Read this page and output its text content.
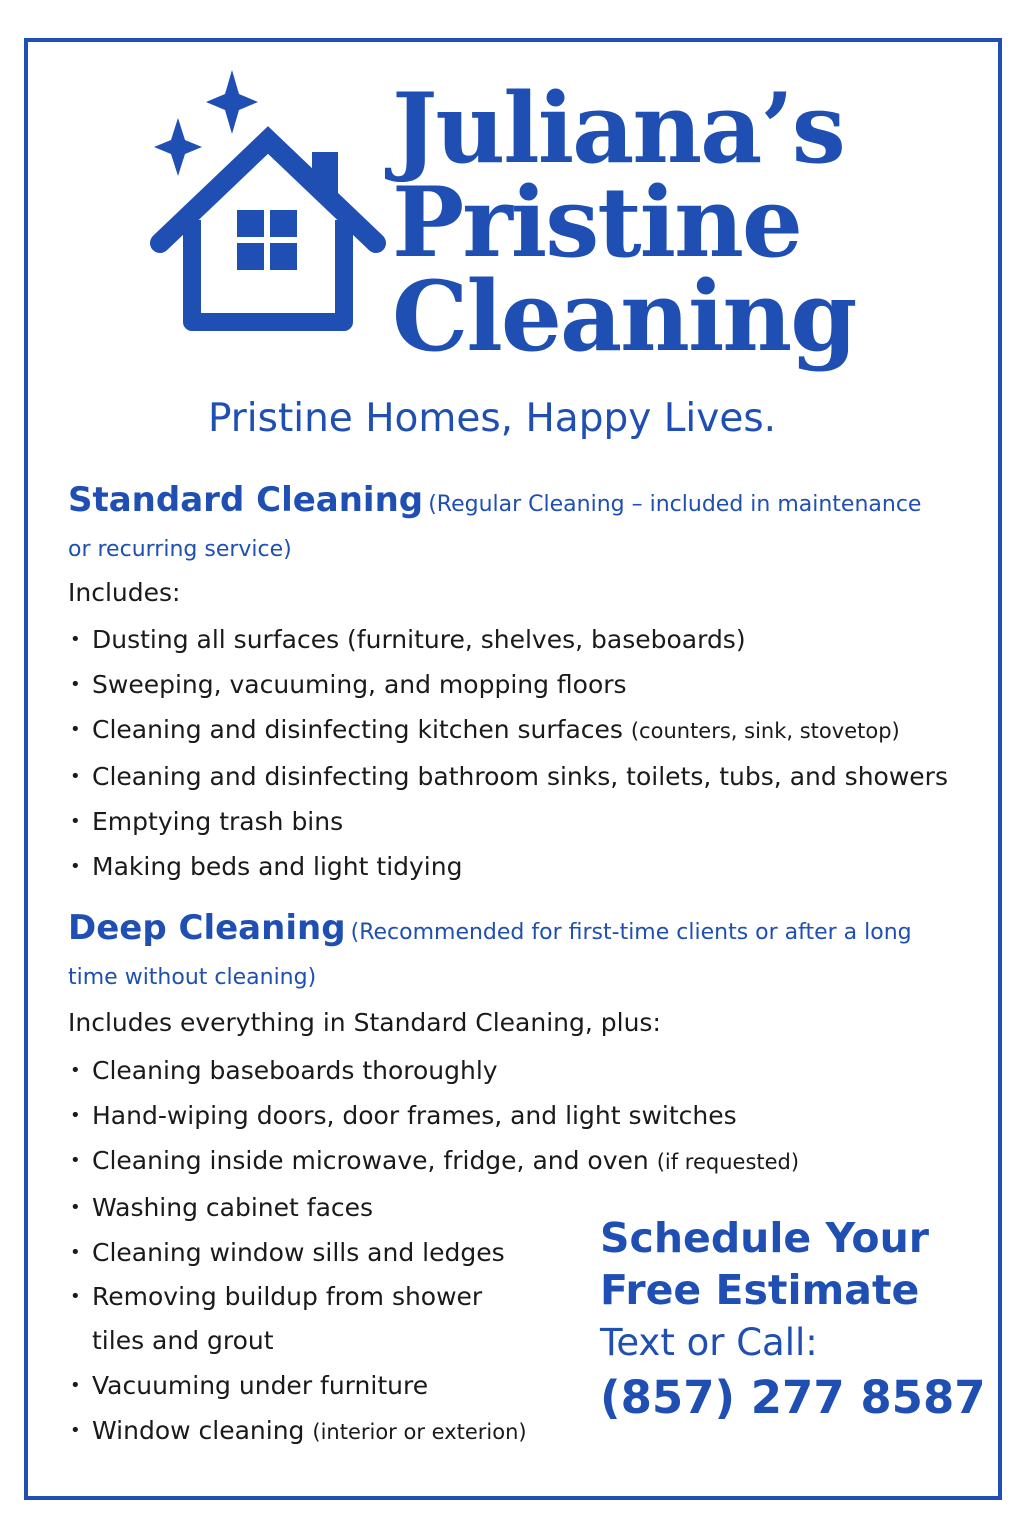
Juliana’s
Pristine
Cleaning
Pristine Homes, Happy Lives.
Standard Cleaning (Regular Cleaning – included in maintenance or recurring service)
Includes:
• Dusting all surfaces (furniture, shelves, baseboards)
• Sweeping, vacuuming, and mopping floors
• Cleaning and disinfecting kitchen surfaces (counters, sink, stovetop)
• Cleaning and disinfecting bathroom sinks, toilets, tubs, and showers
• Emptying trash bins
• Making beds and light tidying
Deep Cleaning (Recommended for first-time clients or after a long time without cleaning)
Includes everything in Standard Cleaning, plus:
• Cleaning baseboards thoroughly
• Hand-wiping doors, door frames, and light switches
• Cleaning inside microwave, fridge, and oven (if requested)
• Washing cabinet faces
• Cleaning window sills and ledges
• Removing buildup from shower tiles and grout
• Vacuuming under furniture
• Window cleaning (interior or exterion)
Schedule Your
Free Estimate
Text or Call:
(857) 277 8587
